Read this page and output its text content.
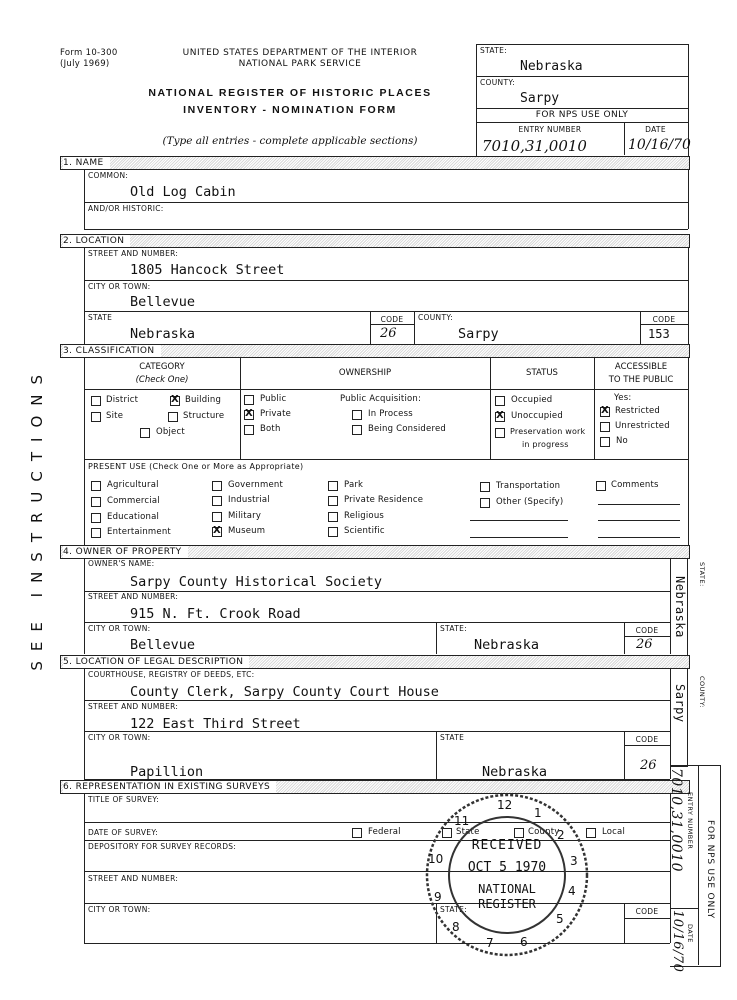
Form 10-300
(July 1969)
UNITED STATES DEPARTMENT OF THE INTERIOR
NATIONAL PARK SERVICE
NATIONAL REGISTER OF HISTORIC PLACES
INVENTORY - NOMINATION FORM
(Type all entries - complete applicable sections)
STATE:
Nebraska
COUNTY:
Sarpy
FOR NPS USE ONLY
ENTRY NUMBER	DATE
7010,31,0010	10/16/70
SEE INSTRUCTIONS
1. NAME
COMMON:
Old Log Cabin
AND/OR HISTORIC:
2. LOCATION
STREET AND NUMBER:
1805 Hancock Street
CITY OR TOWN:
Bellevue
STATE
Nebraska
CODE
26
COUNTY:
Sarpy
CODE
153
3. CLASSIFICATION
CATEGORY
(Check One)
OWNERSHIP	STATUS
ACCESSIBLE
TO THE PUBLIC
District
X	Building
Site	Structure
Object
Public
X
Private
Both
Public Acquisition:
In Process
Being Considered
Occupied
X
Unoccupied
Preservation work
in progress
Yes:
X
Restricted
Unrestricted
No
PRESENT USE (Check One or More as Appropriate)
Agricultural
Commercial
Educational
Entertainment
Government
Industrial
Military
X
Museum
Park
Private Residence
Religious
Scientific
Transportation
Other (Specify)
Comments
4. OWNER OF PROPERTY
OWNER'S NAME:
Sarpy County Historical Society
STREET AND NUMBER:
915 N. Ft. Crook Road
CITY OR TOWN:
Bellevue
STATE:
Nebraska
CODE
26
STATE:
Nebraska
5. LOCATION OF LEGAL DESCRIPTION
COURTHOUSE, REGISTRY OF DEEDS, ETC:
County Clerk, Sarpy County Court House
STREET AND NUMBER:
122 East Third Street
CITY OR TOWN:
Papillion
STATE
Nebraska
CODE
26
COUNTY:
Sarpy
6. REPRESENTATION IN EXISTING SURVEYS
TITLE OF SURVEY:
DATE OF SURVEY:	Federal	State	County	Local
DEPOSITORY FOR SURVEY RECORDS:
STREET AND NUMBER:
CITY OR TOWN:	STATE:	CODE
ENTRY NUMBER
7010,31,0010
DATE
10/16/70
FOR NPS USE ONLY
RECEIVED
OCT 5 1970
NATIONAL
REGISTER
12
1
2
3
4
5
6
7
8
9
10
11
